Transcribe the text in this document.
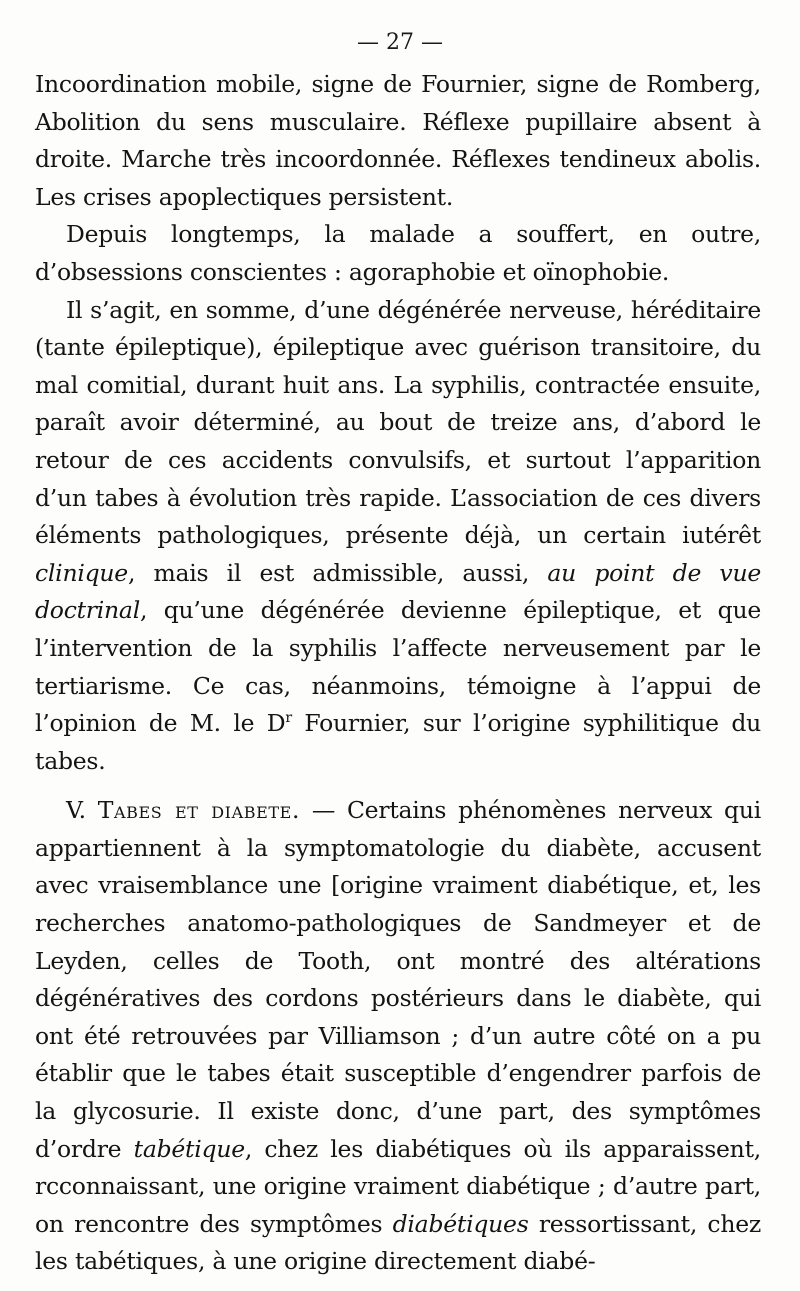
— 27 —

Incoordination mobile, signe de Fournier, signe de Romberg, Abolition du sens musculaire. Réflexe pupillaire absent à droite. Marche très incoordonnée. Réflexes tendineux abolis. Les crises apoplectiques persistent.

Depuis longtemps, la malade a souffert, en outre, d’obsessions conscientes : agoraphobie et oïnophobie.

Il s’agit, en somme, d’une dégénérée nerveuse, héréditaire (tante épileptique), épileptique avec guérison transitoire, du mal comitial, durant huit ans. La syphilis, contractée ensuite, paraît avoir déterminé, au bout de treize ans, d’abord le retour de ces accidents convulsifs, et surtout l’apparition d’un tabes à évolution très rapide. L’association de ces divers éléments pathologiques, présente déjà, un certain iutérêt clinique, mais il est admissible, aussi, au point de vue doctrinal, qu’une dégénérée devienne épileptique, et que l’intervention de la syphilis l’affecte nerveusement par le tertiarisme. Ce cas, néanmoins, témoigne à l’appui de l’opinion de M. le $D^r$ Fournier, sur l’origine syphilitique du tabes.

V. Tabes et diabete. — Certains phénomènes nerveux qui appartiennent à la symptomatologie du diabète, accusent avec vraisemblance une [origine vraiment diabétique, et, les recherches anatomo-pathologiques de Sandmeyer et de Leyden, celles de Tooth, ont montré des altérations dégénératives des cordons postérieurs dans le diabète, qui ont été retrouvées par Villiamson ; d’un autre côté on a pu établir que le tabes était susceptible d’engendrer parfois de la glycosurie. Il existe donc, d’une part, des symptômes d’ordre tabétique, chez les diabétiques où ils apparaissent, rcconnaissant, une origine vraiment diabétique ; d’autre part, on rencontre des symptômes diabétiques ressortissant, chez les tabétiques, à une origine directement diabé-
